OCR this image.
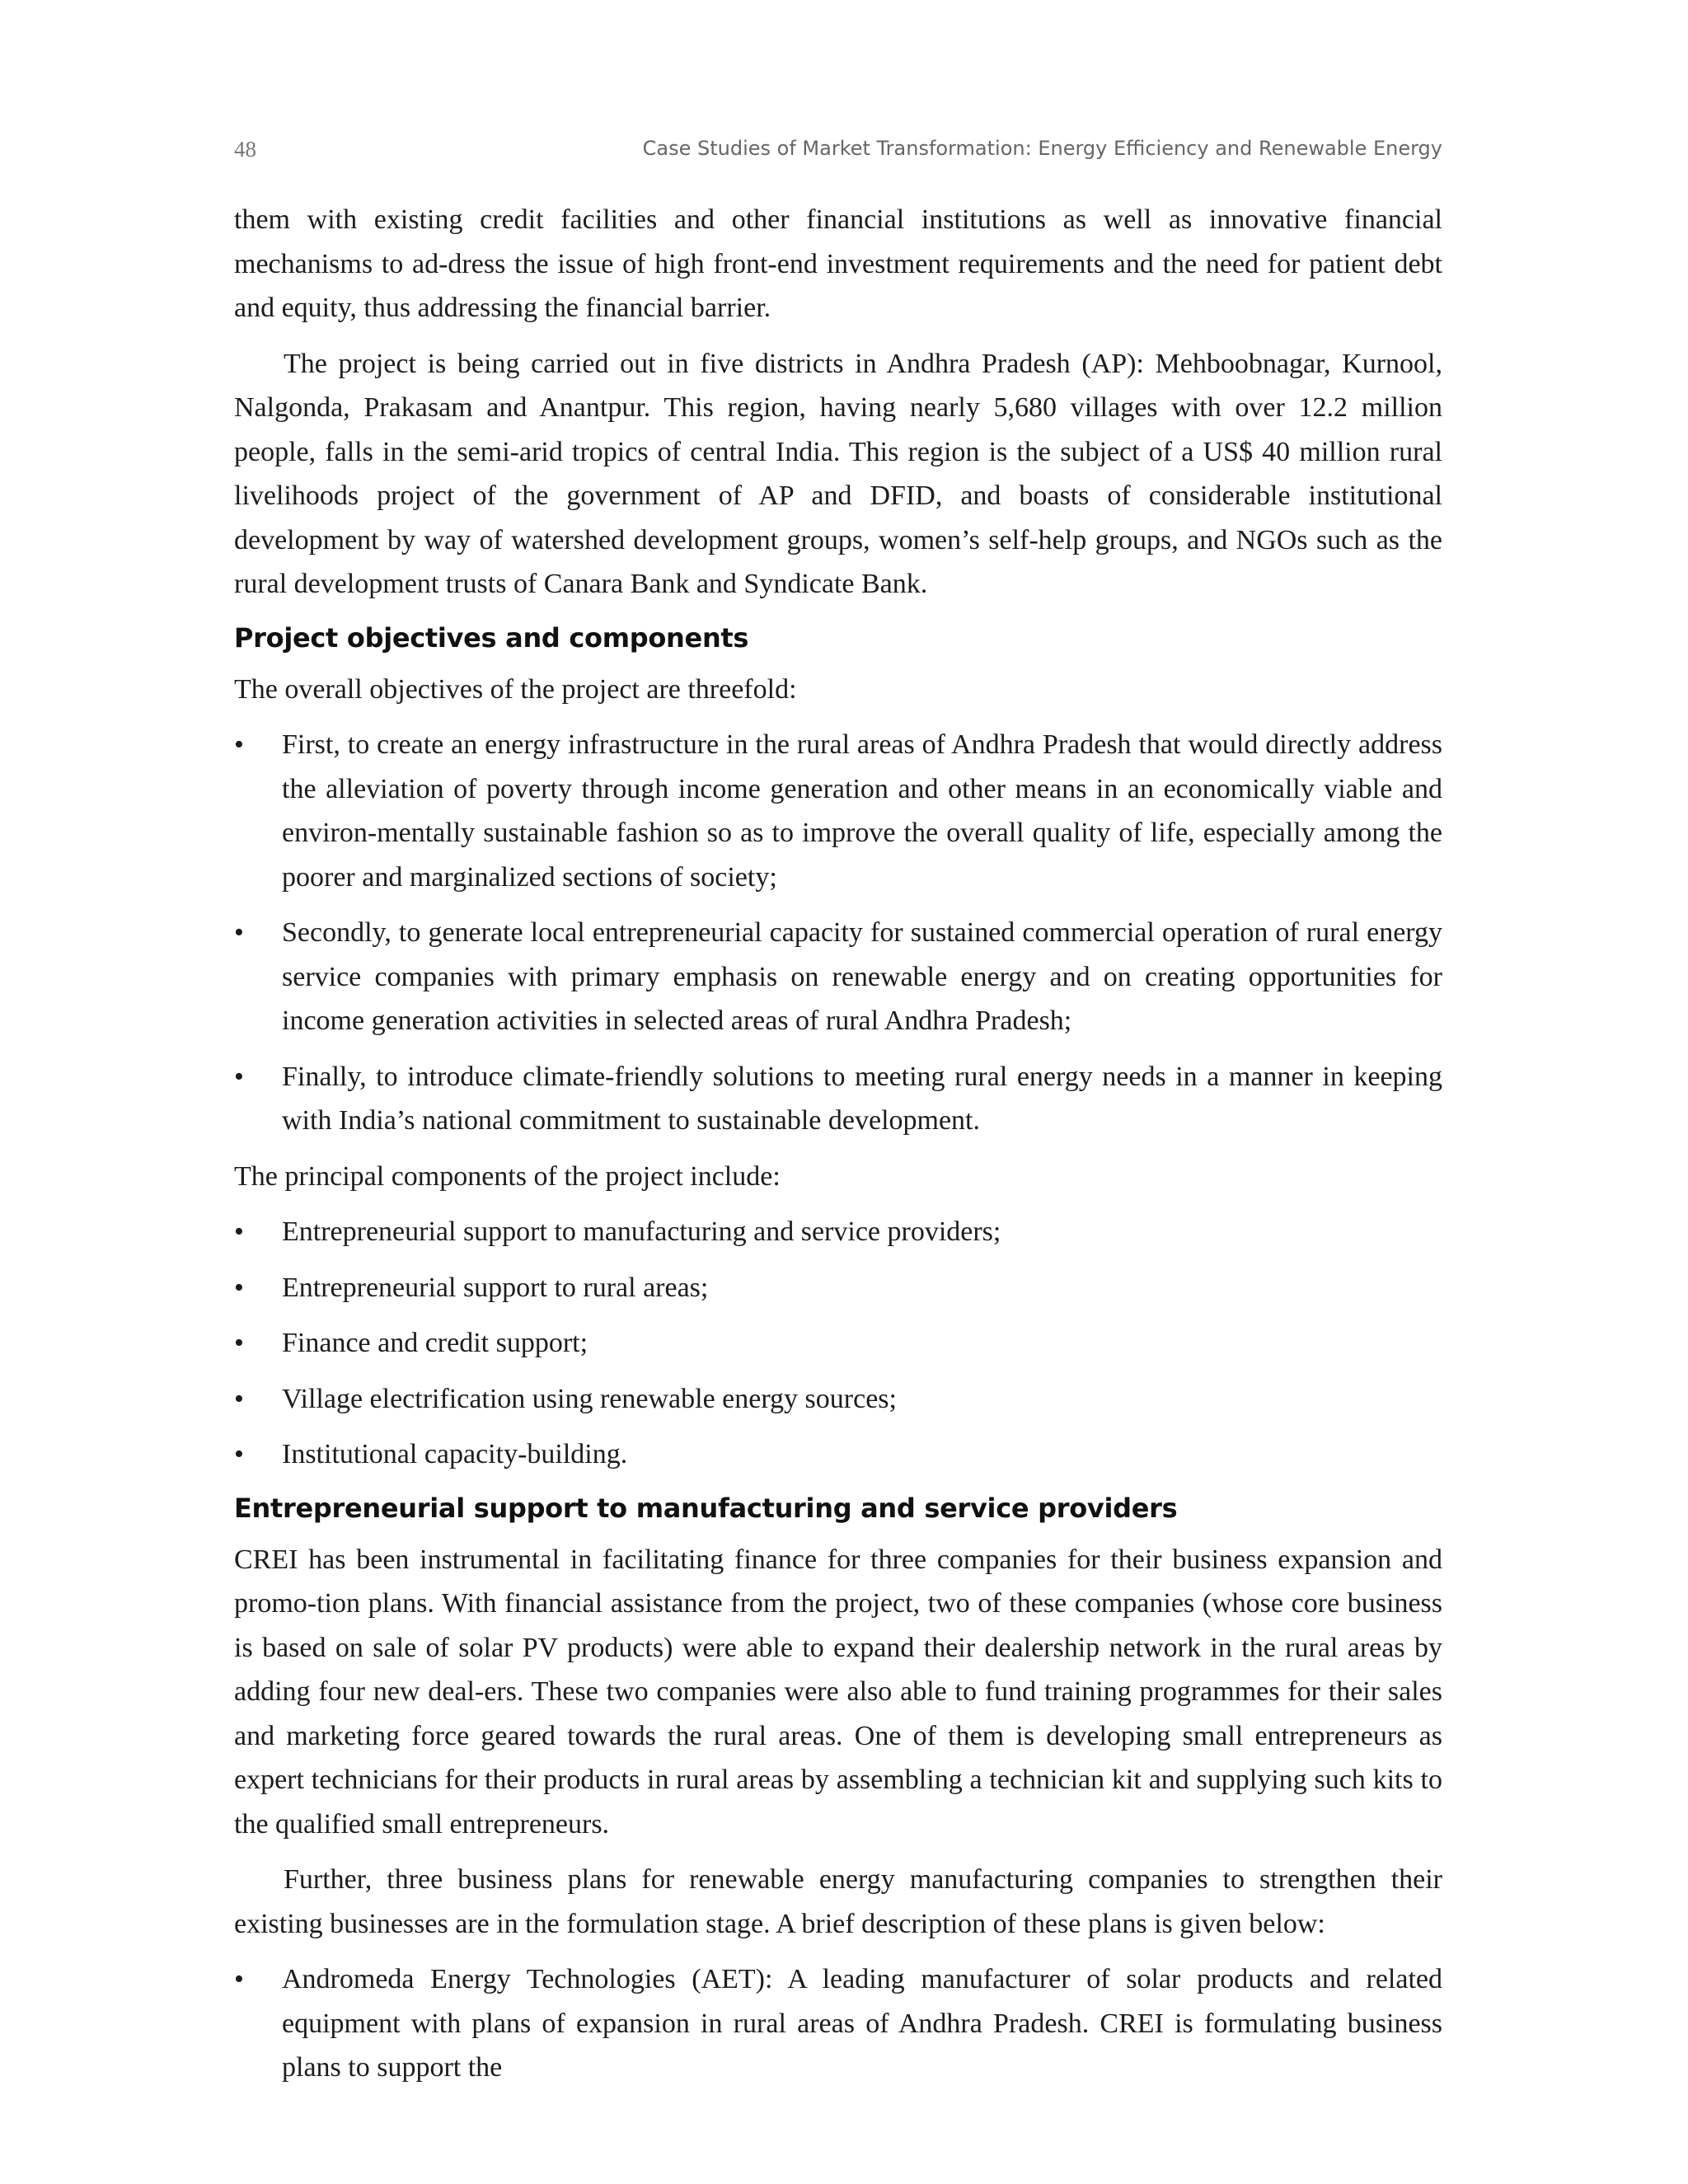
48	Case Studies of Market Transformation: Energy Efficiency and Renewable Energy

them with existing credit facilities and other financial institutions as well as innovative financial mechanisms to ad-dress the issue of high front-end investment requirements and the need for patient debt and equity, thus addressing the financial barrier.

The project is being carried out in five districts in Andhra Pradesh (AP): Mehboobnagar, Kurnool, Nalgonda, Prakasam and Anantpur. This region, having nearly 5,680 villages with over 12.2 million people, falls in the semi-arid tropics of central India. This region is the subject of a US$ 40 million rural livelihoods project of the government of AP and DFID, and boasts of considerable institutional development by way of watershed development groups, women’s self-help groups, and NGOs such as the rural development trusts of Canara Bank and Syndicate Bank.

Project objectives and components

The overall objectives of the project are threefold:

• First, to create an energy infrastructure in the rural areas of Andhra Pradesh that would directly address the alleviation of poverty through income generation and other means in an economically viable and environ-mentally sustainable fashion so as to improve the overall quality of life, especially among the poorer and marginalized sections of society;
• Secondly, to generate local entrepreneurial capacity for sustained commercial operation of rural energy service companies with primary emphasis on renewable energy and on creating opportunities for income generation activities in selected areas of rural Andhra Pradesh;
• Finally, to introduce climate-friendly solutions to meeting rural energy needs in a manner in keeping with India’s national commitment to sustainable development.

The principal components of the project include:

• Entrepreneurial support to manufacturing and service providers;
• Entrepreneurial support to rural areas;
• Finance and credit support;
• Village electrification using renewable energy sources;
• Institutional capacity-building.
Entrepreneurial support to manufacturing and service providers

CREI has been instrumental in facilitating finance for three companies for their business expansion and promo-tion plans. With financial assistance from the project, two of these companies (whose core business is based on sale of solar PV products) were able to expand their dealership network in the rural areas by adding four new deal-ers. These two companies were also able to fund training programmes for their sales and marketing force geared towards the rural areas. One of them is developing small entrepreneurs as expert technicians for their products in rural areas by assembling a technician kit and supplying such kits to the qualified small entrepreneurs.

Further, three business plans for renewable energy manufacturing companies to strengthen their existing businesses are in the formulation stage. A brief description of these plans is given below:

• Andromeda Energy Technologies (AET): A leading manufacturer of solar products and related equipment with plans of expansion in rural areas of Andhra Pradesh. CREI is formulating business plans to support the
